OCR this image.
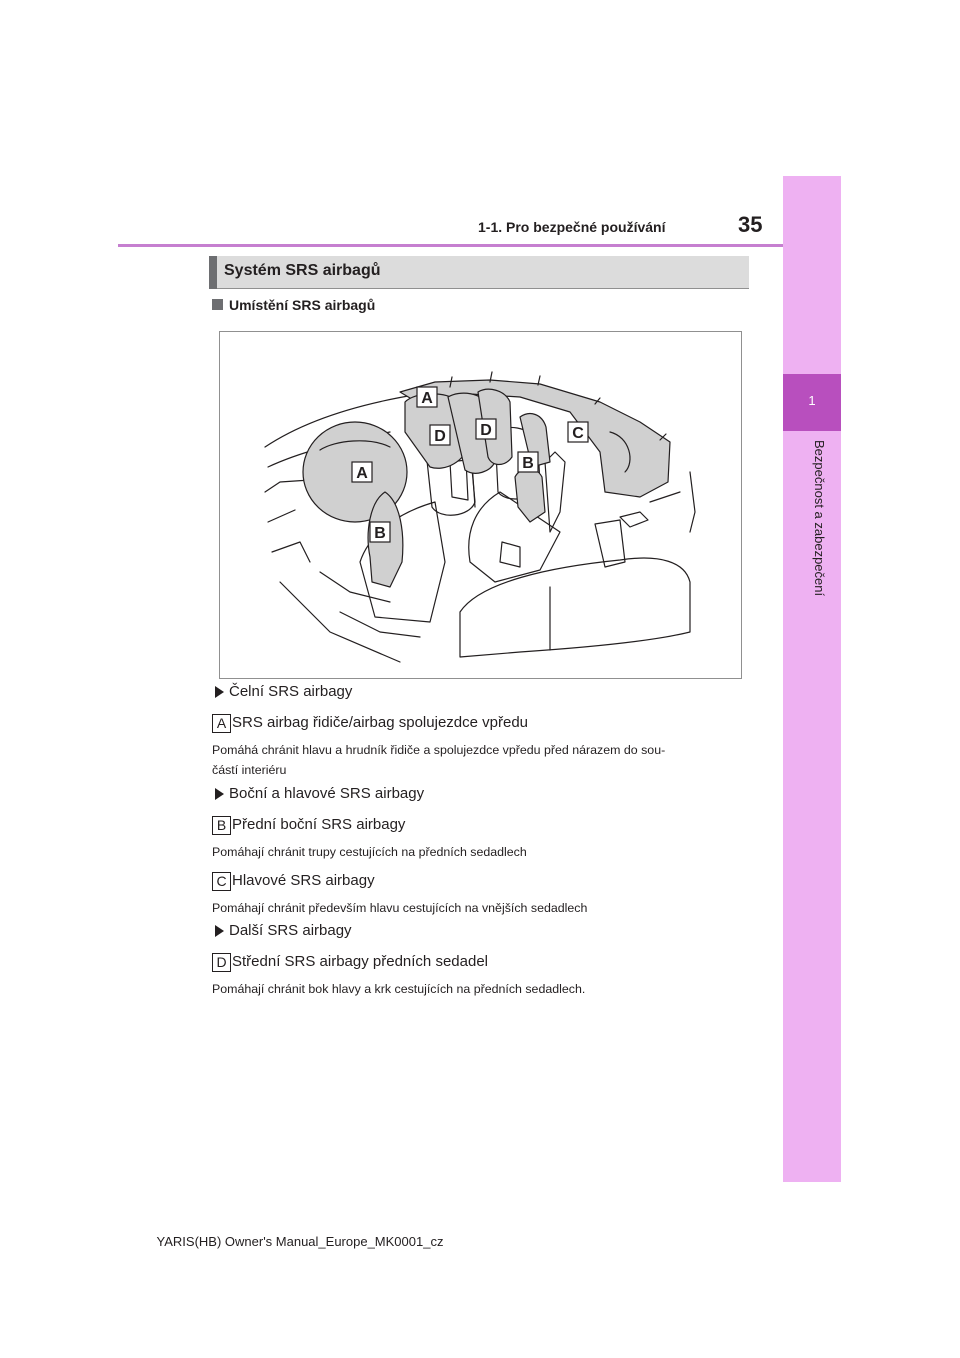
1-1. Pro bezpečné používání	35
1
Bezpečnost a zabezpečení
Systém SRS airbagů
Umístění SRS airbagů
A
A
D D	C
B
B
Čelní SRS airbagy
A SRS airbag řidiče/airbag spolujezdce vpředu
Pomáhá chránit hlavu a hrudník řidiče a spolujezdce vpředu před nárazem do sou-
částí interiéru
Boční a hlavové SRS airbagy
B Přední boční SRS airbagy
Pomáhají chránit trupy cestujících na předních sedadlech
C Hlavové SRS airbagy
Pomáhají chránit především hlavu cestujících na vnějších sedadlech
Další SRS airbagy
D Střední SRS airbagy předních sedadel
Pomáhají chránit bok hlavy a krk cestujících na předních sedadlech.
YARIS(HB) Owner's Manual_Europe_MK0001_cz
